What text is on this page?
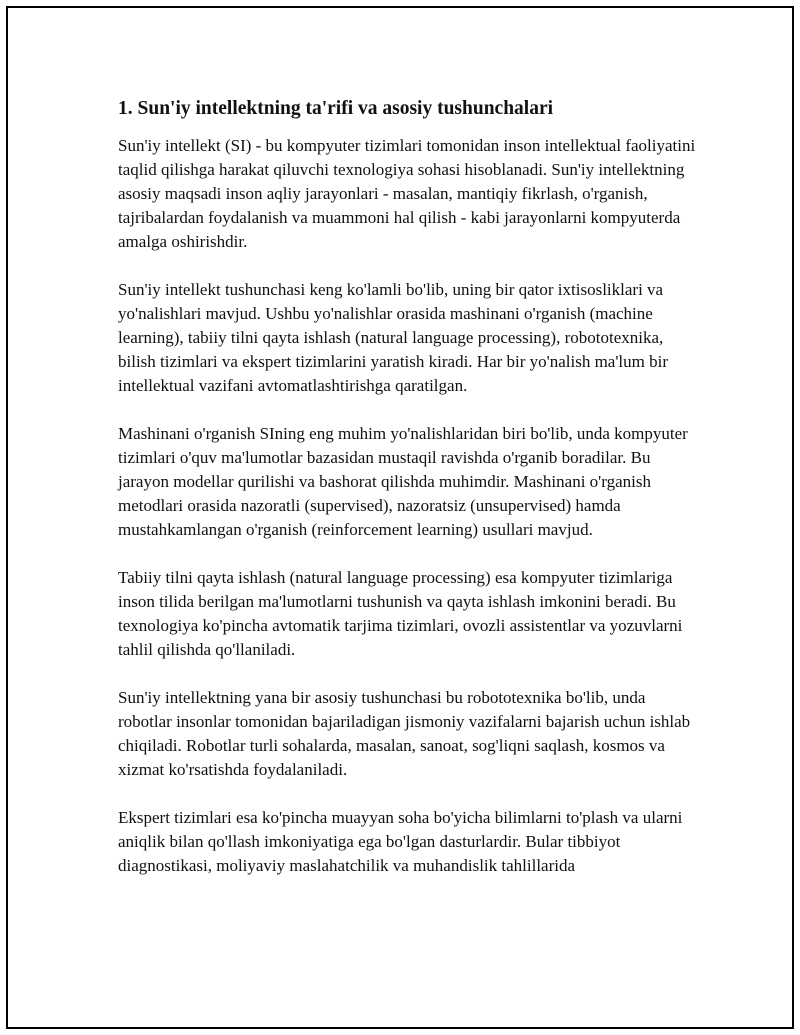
1. Sun'iy intellektning ta'rifi va asosiy tushunchalari

Sun'iy intellekt (SI) - bu kompyuter tizimlari tomonidan inson intellektual faoliyatini taqlid qilishga harakat qiluvchi texnologiya sohasi hisoblanadi. Sun'iy intellektning asosiy maqsadi inson aqliy jarayonlari - masalan, mantiqiy fikrlash, o'rganish, tajribalardan foydalanish va muammoni hal qilish - kabi jarayonlarni kompyuterda amalga oshirishdir.

Sun'iy intellekt tushunchasi keng ko'lamli bo'lib, uning bir qator ixtisosliklari va yo'nalishlari mavjud. Ushbu yo'nalishlar orasida mashinani o'rganish (machine learning), tabiiy tilni qayta ishlash (natural language processing), robototexnika, bilish tizimlari va ekspert tizimlarini yaratish kiradi. Har bir yo'nalish ma'lum bir intellektual vazifani avtomatlashtirishga qaratilgan.

Mashinani o'rganish SIning eng muhim yo'nalishlaridan biri bo'lib, unda kompyuter tizimlari o'quv ma'lumotlar bazasidan mustaqil ravishda o'rganib boradilar. Bu jarayon modellar qurilishi va bashorat qilishda muhimdir. Mashinani o'rganish metodlari orasida nazoratli (supervised), nazoratsiz (unsupervised) hamda mustahkamlangan o'rganish (reinforcement learning) usullari mavjud.

Tabiiy tilni qayta ishlash (natural language processing) esa kompyuter tizimlariga inson tilida berilgan ma'lumotlarni tushunish va qayta ishlash imkonini beradi. Bu texnologiya ko'pincha avtomatik tarjima tizimlari, ovozli assistentlar va yozuvlarni tahlil qilishda qo'llaniladi.

Sun'iy intellektning yana bir asosiy tushunchasi bu robototexnika bo'lib, unda robotlar insonlar tomonidan bajariladigan jismoniy vazifalarni bajarish uchun ishlab chiqiladi. Robotlar turli sohalarda, masalan, sanoat, sog'liqni saqlash, kosmos va xizmat ko'rsatishda foydalaniladi.

Ekspert tizimlari esa ko'pincha muayyan soha bo'yicha bilimlarni to'plash va ularni aniqlik bilan qo'llash imkoniyatiga ega bo'lgan dasturlardir. Bular tibbiyot diagnostikasi, moliyaviy maslahatchilik va muhandislik tahlillarida
